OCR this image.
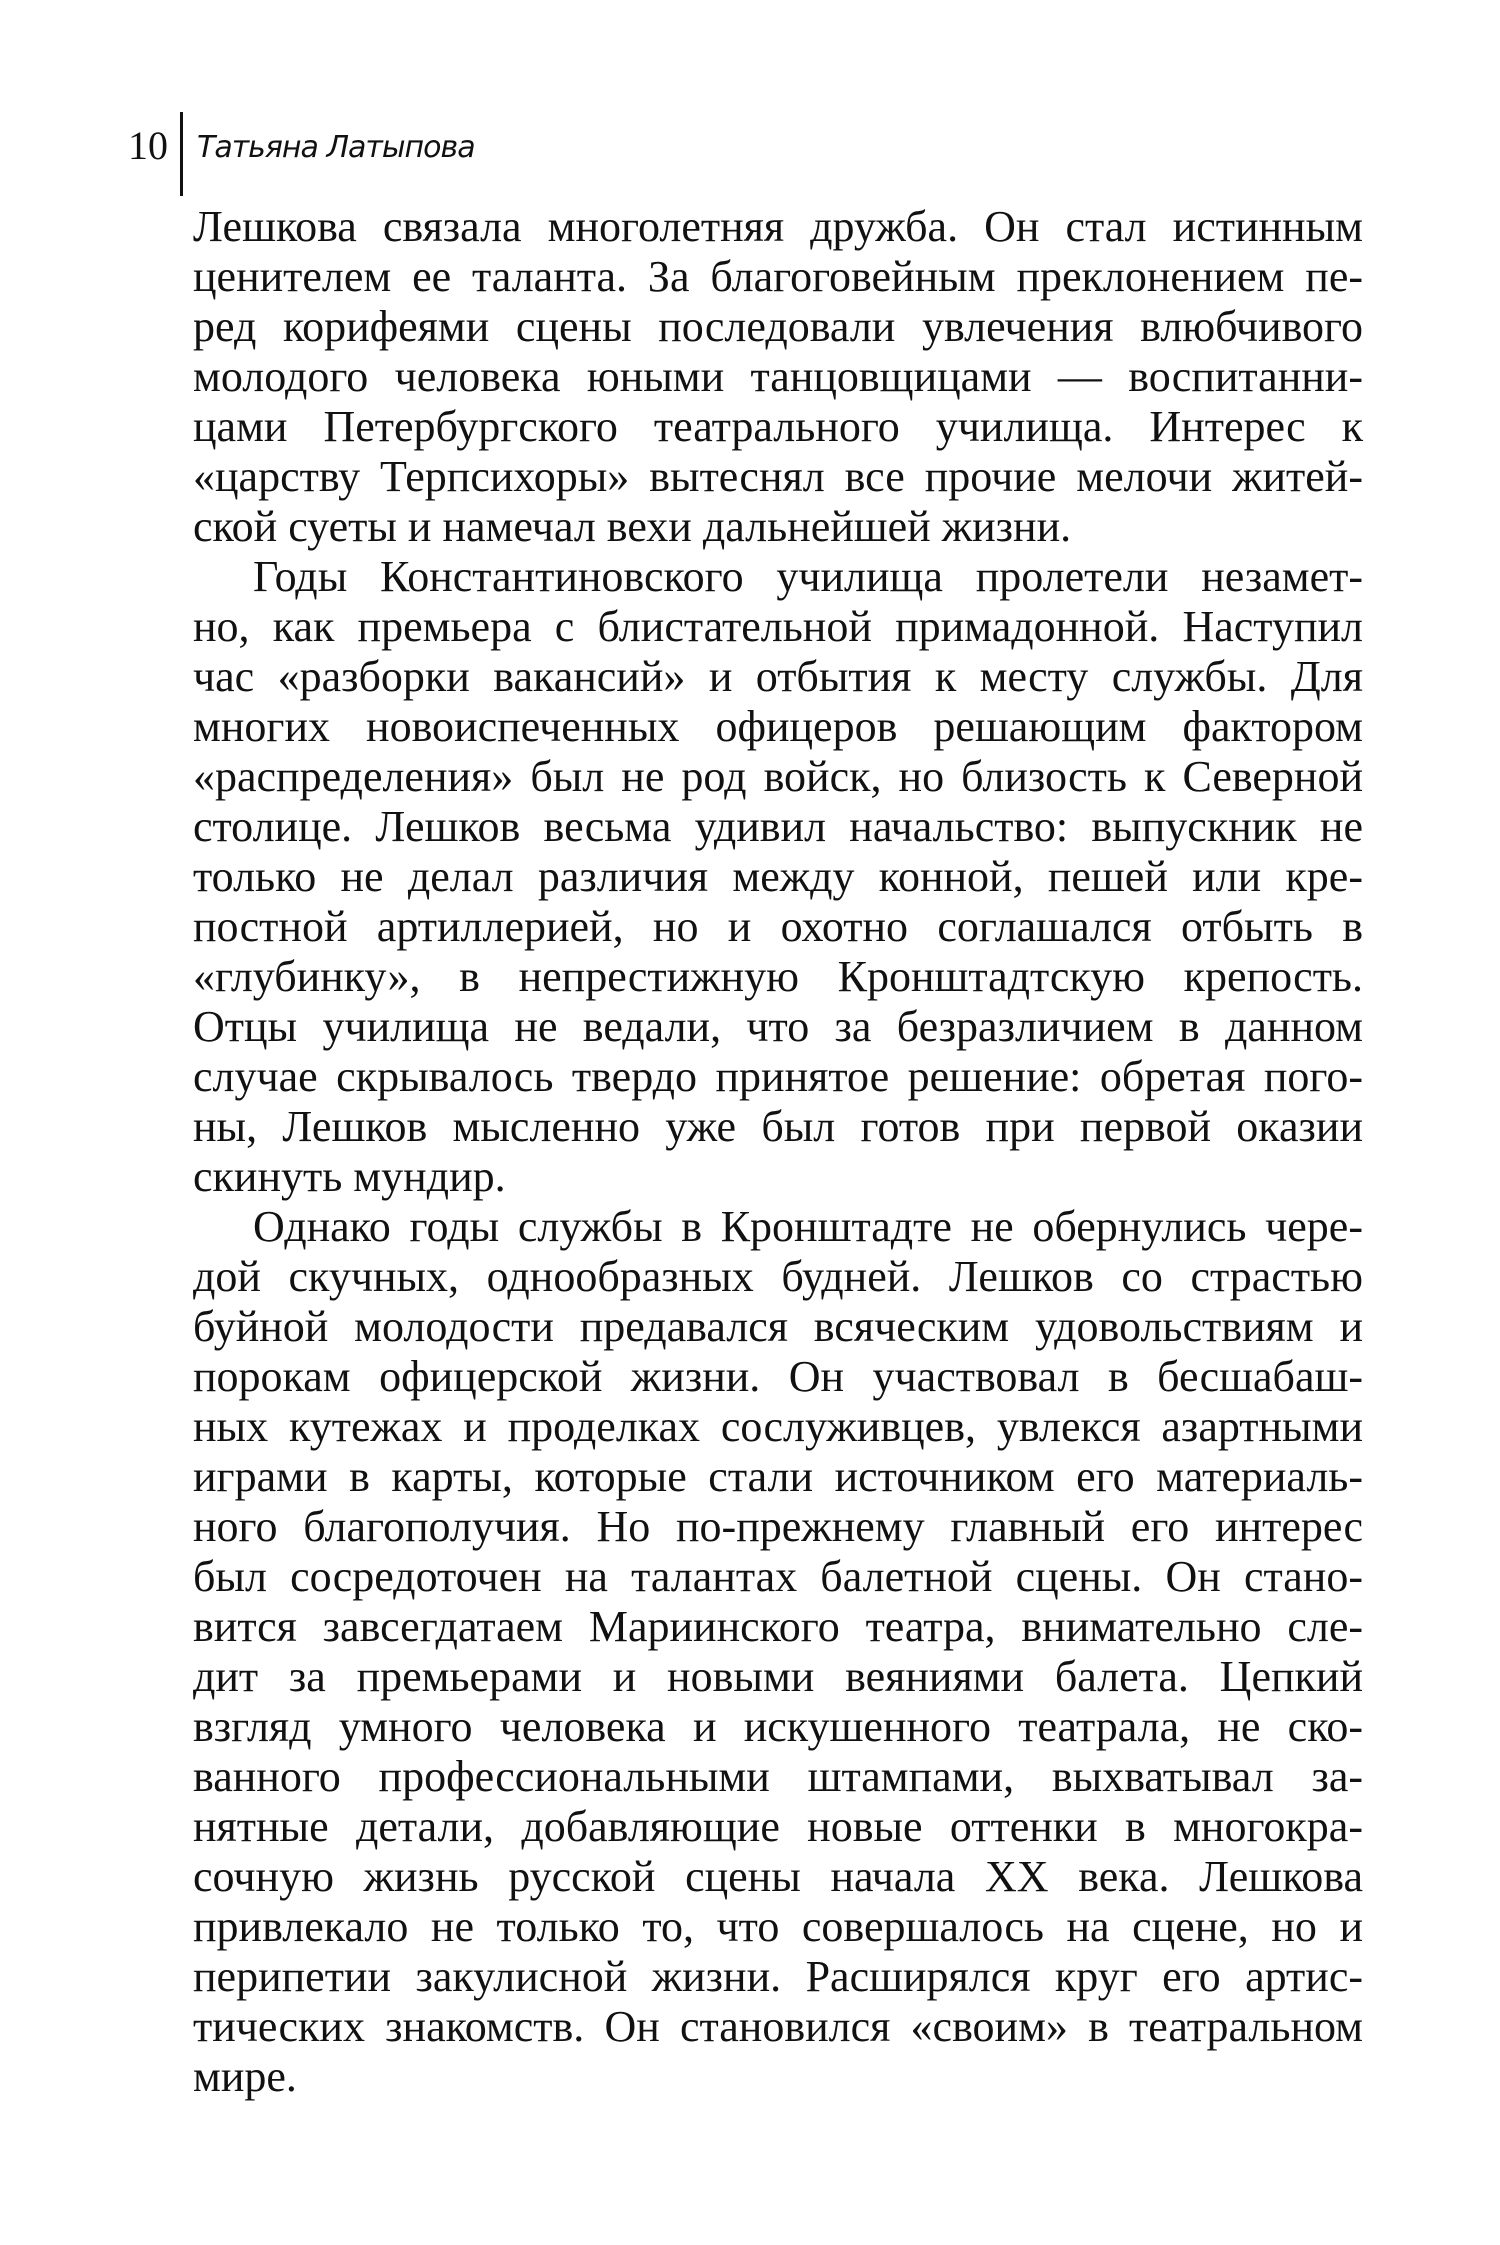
10 Татьяна Латыпова
Лешкова связала многолетняя дружба. Он стал истинным
ценителем ее таланта. За благоговейным преклонением пе-
ред корифеями сцены последовали увлечения влюбчивого
молодого человека юными танцовщицами — воспитанни-
цами Петербургского театрального училища. Интерес к
«царству Терпсихоры» вытеснял все прочие мелочи житей-
ской суеты и намечал вехи дальнейшей жизни.
Годы Константиновского училища пролетели незамет-
но, как премьера с блистательной примадонной. Наступил
час «разборки вакансий» и отбытия к месту службы. Для
многих новоиспеченных офицеров решающим фактором
«распределения» был не род войск, но близость к Северной
столице. Лешков весьма удивил начальство: выпускник не
только не делал различия между конной, пешей или кре-
постной артиллерией, но и охотно соглашался отбыть в
«глубинку», в непрестижную Кронштадтскую крепость.
Отцы училища не ведали, что за безразличием в данном
случае скрывалось твердо принятое решение: обретая пого-
ны, Лешков мысленно уже был готов при первой оказии
скинуть мундир.
Однако годы службы в Кронштадте не обернулись чере-
дой скучных, однообразных будней. Лешков со страстью
буйной молодости предавался всяческим удовольствиям и
порокам офицерской жизни. Он участвовал в бесшабаш-
ных кутежах и проделках сослуживцев, увлекся азартными
играми в карты, которые стали источником его материаль-
ного благополучия. Но по-прежнему главный его интерес
был сосредоточен на талантах балетной сцены. Он стано-
вится завсегдатаем Мариинского театра, внимательно сле-
дит за премьерами и новыми веяниями балета. Цепкий
взгляд умного человека и искушенного театрала, не ско-
ванного профессиональными штампами, выхватывал за-
нятные детали, добавляющие новые оттенки в многокра-
сочную жизнь русской сцены начала XX века. Лешкова
привлекало не только то, что совершалось на сцене, но и
перипетии закулисной жизни. Расширялся круг его артис-
тических знакомств. Он становился «своим» в театральном
мире.
